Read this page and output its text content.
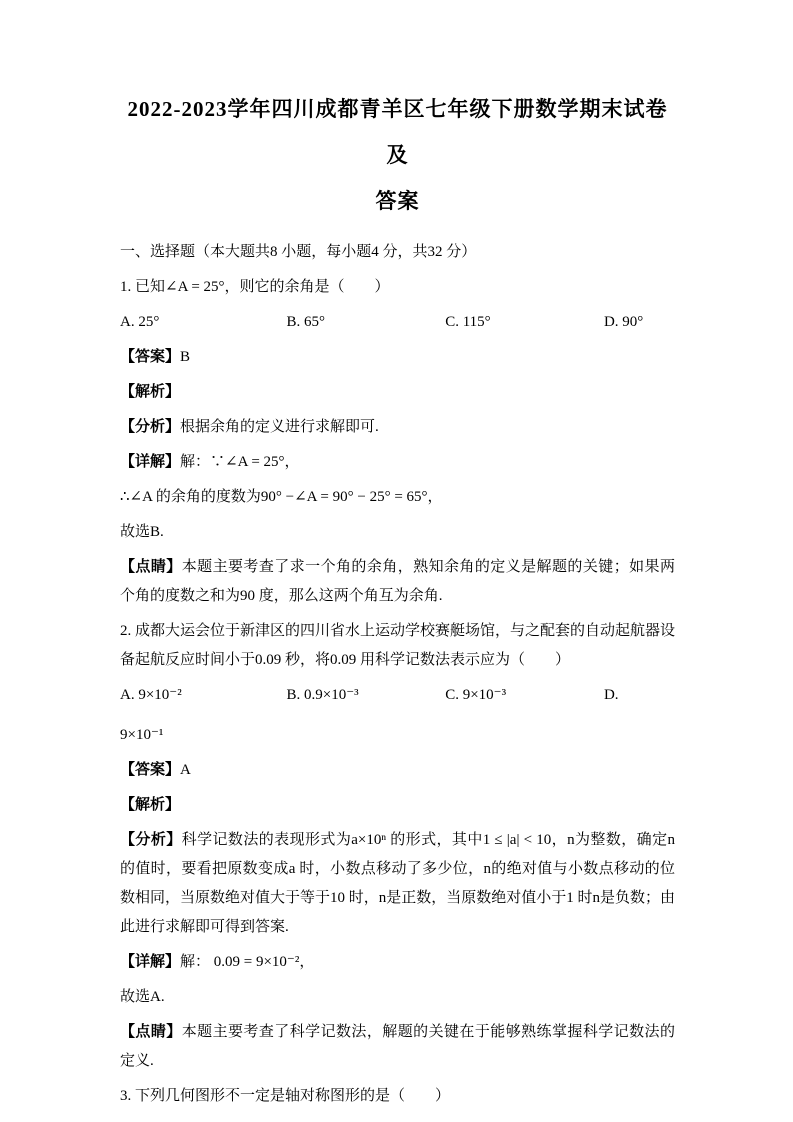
2022-2023学年四川成都青羊区七年级下册数学期末试卷及
答案

一、选择题（本大题共8 小题，每小题4 分，共32 分）

1. 已知∠A = 25°，则它的余角是（　　）

A. 25°	B. 65°	C. 115°	D. 90°

【答案】B

【解析】

【分析】根据余角的定义进行求解即可.

【详解】解：∵∠A = 25°，

∴∠A 的余角的度数为90° −∠A = 90° − 25° = 65°，

故选B.

【点睛】本题主要考查了求一个角的余角，熟知余角的定义是解题的关键；如果两个角的度数之和为90 度，那么这两个角互为余角.

2. 成都大运会位于新津区的四川省水上运动学校赛艇场馆，与之配套的自动起航器设备起航反应时间小于0.09 秒，将0.09 用科学记数法表示应为（　　）

A. 9×10⁻²	B. 0.9×10⁻³	C. 9×10⁻³	D.

9×10⁻¹

【答案】A

【解析】

【分析】科学记数法的表现形式为a×10ⁿ 的形式，其中1 ≤ |a| < 10，n为整数，确定n 的值时，要看把原数变成a 时，小数点移动了多少位，n的绝对值与小数点移动的位数相同，当原数绝对值大于等于10 时，n是正数，当原数绝对值小于1 时n是负数；由此进行求解即可得到答案.

【详解】解： 0.09 = 9×10⁻²，

故选A.

【点睛】本题主要考查了科学记数法，解题的关键在于能够熟练掌握科学记数法的定义.

3. 下列几何图形不一定是轴对称图形的是（　　）
